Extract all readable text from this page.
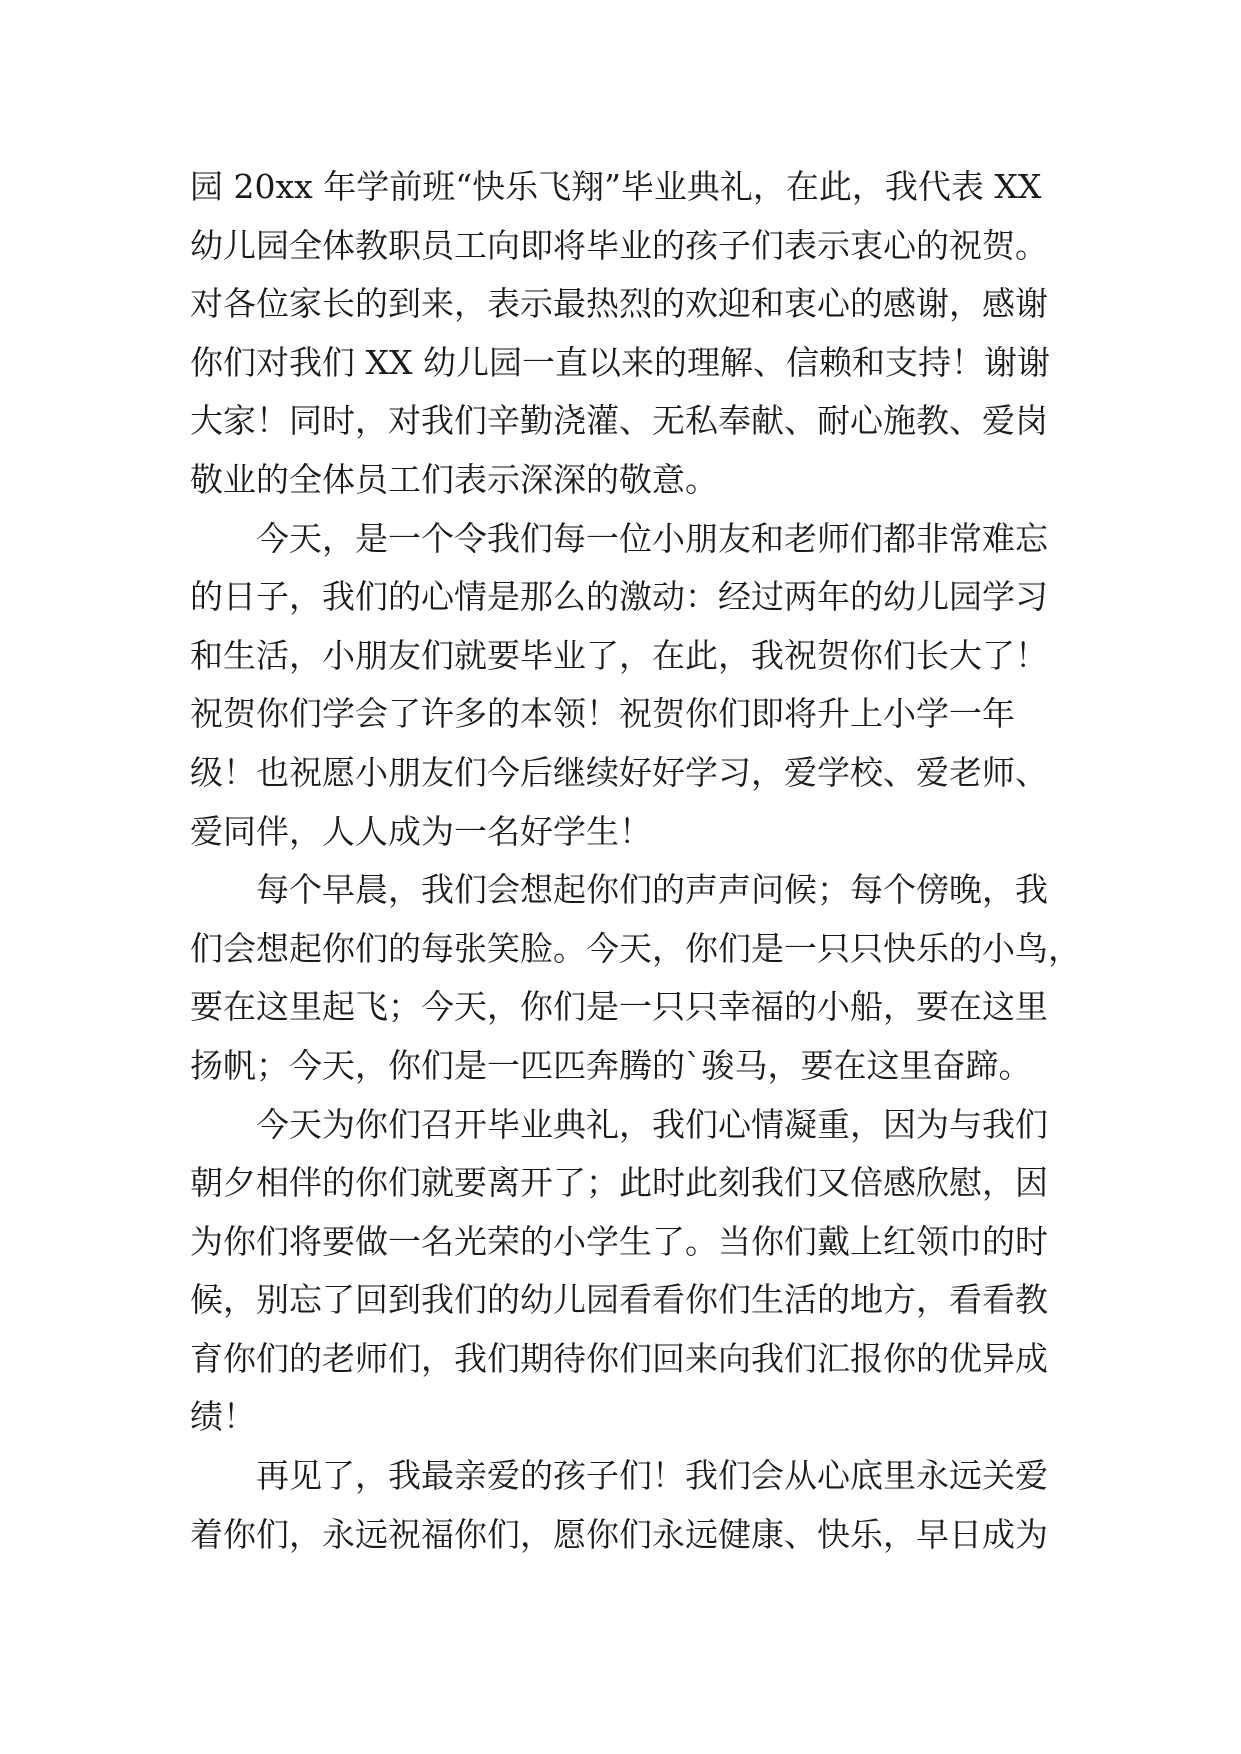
园 20xx 年学前班“快乐飞翔”毕业典礼，在此，我代表 XX
幼儿园全体教职员工向即将毕业的孩子们表示衷心的祝贺。
对各位家长的到来，表示最热烈的欢迎和衷心的感谢，感谢
你们对我们 XX 幼儿园一直以来的理解、信赖和支持！谢谢
大家！同时，对我们辛勤浇灌、无私奉献、耐心施教、爱岗
敬业的全体员工们表示深深的敬意。
今天，是一个令我们每一位小朋友和老师们都非常难忘
的日子，我们的心情是那么的激动：经过两年的幼儿园学习
和生活，小朋友们就要毕业了，在此，我祝贺你们长大了！
祝贺你们学会了许多的本领！祝贺你们即将升上小学一年
级！也祝愿小朋友们今后继续好好学习，爱学校、爱老师、
爱同伴，人人成为一名好学生！
每个早晨，我们会想起你们的声声问候；每个傍晚，我
们会想起你们的每张笑脸。今天，你们是一只只快乐的小鸟，
要在这里起飞；今天，你们是一只只幸福的小船，要在这里
扬帆；今天，你们是一匹匹奔腾的`骏马，要在这里奋蹄。
今天为你们召开毕业典礼，我们心情凝重，因为与我们
朝夕相伴的你们就要离开了；此时此刻我们又倍感欣慰，因
为你们将要做一名光荣的小学生了。当你们戴上红领巾的时
候，别忘了回到我们的幼儿园看看你们生活的地方，看看教
育你们的老师们，我们期待你们回来向我们汇报你的优异成
绩！
再见了，我最亲爱的孩子们！我们会从心底里永远关爱
着你们，永远祝福你们，愿你们永远健康、快乐，早日成为
